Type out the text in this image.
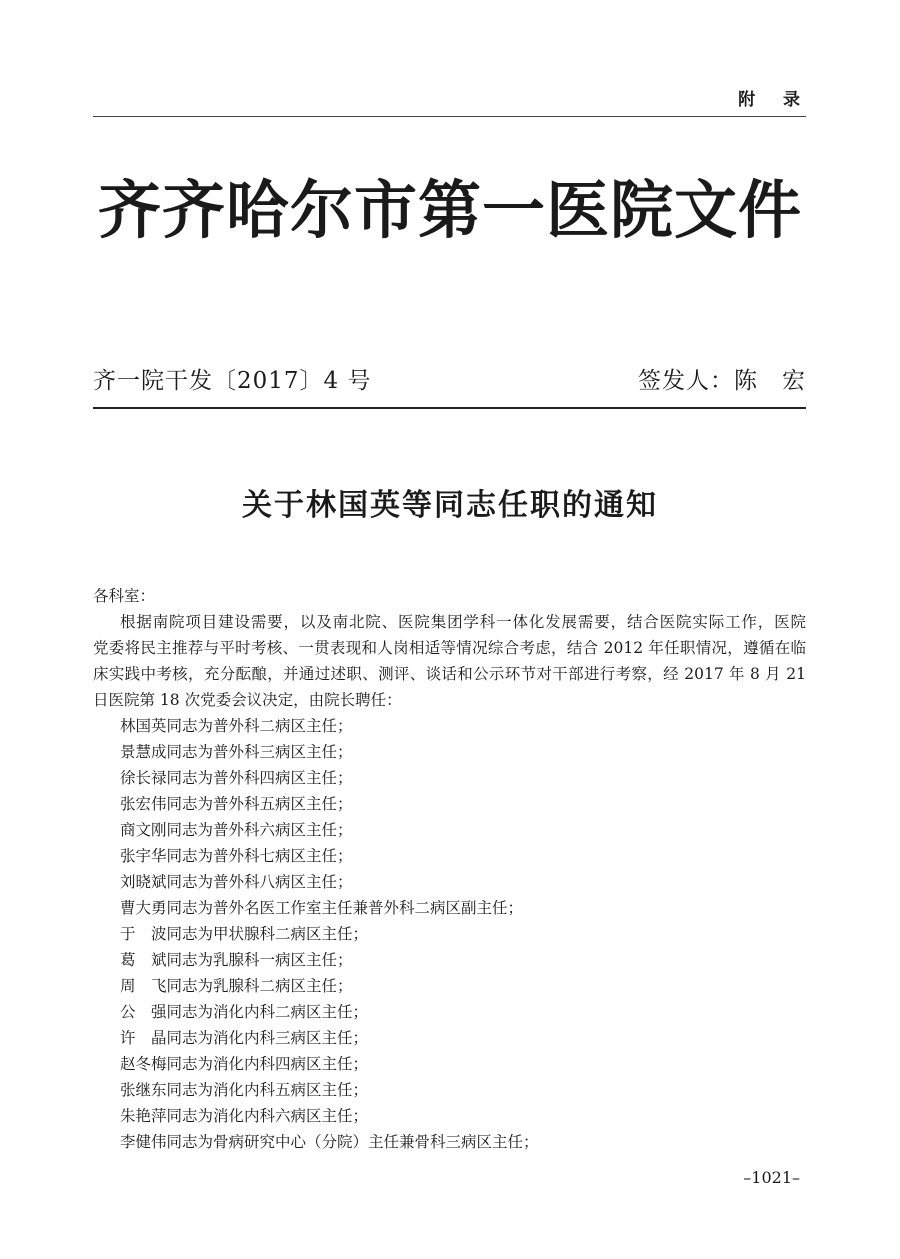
附 录
齐齐哈尔市第一医院文件
齐一院干发〔2017〕4 号	签发人：陈　宏
关于林国英等同志任职的通知
各科室：
根据南院项目建设需要，以及南北院、医院集团学科一体化发展需要，结合医院实际工作，医院
党委将民主推荐与平时考核、一贯表现和人岗相适等情况综合考虑，结合 2012 年任职情况，遵循在临
床实践中考核，充分酝酿，并通过述职、测评、谈话和公示环节对干部进行考察，经 2017 年 8 月 21
日医院第 18 次党委会议决定，由院长聘任：
林国英同志为普外科二病区主任；
景慧成同志为普外科三病区主任；
徐长禄同志为普外科四病区主任；
张宏伟同志为普外科五病区主任；
商文刚同志为普外科六病区主任；
张宇华同志为普外科七病区主任；
刘晓斌同志为普外科八病区主任；
曹大勇同志为普外名医工作室主任兼普外科二病区副主任；
于　波同志为甲状腺科二病区主任；
葛　斌同志为乳腺科一病区主任；
周　飞同志为乳腺科二病区主任；
公　强同志为消化内科二病区主任；
许　晶同志为消化内科三病区主任；
赵冬梅同志为消化内科四病区主任；
张继东同志为消化内科五病区主任；
朱艳萍同志为消化内科六病区主任；
李健伟同志为骨病研究中心（分院）主任兼骨科三病区主任；
–1021–
